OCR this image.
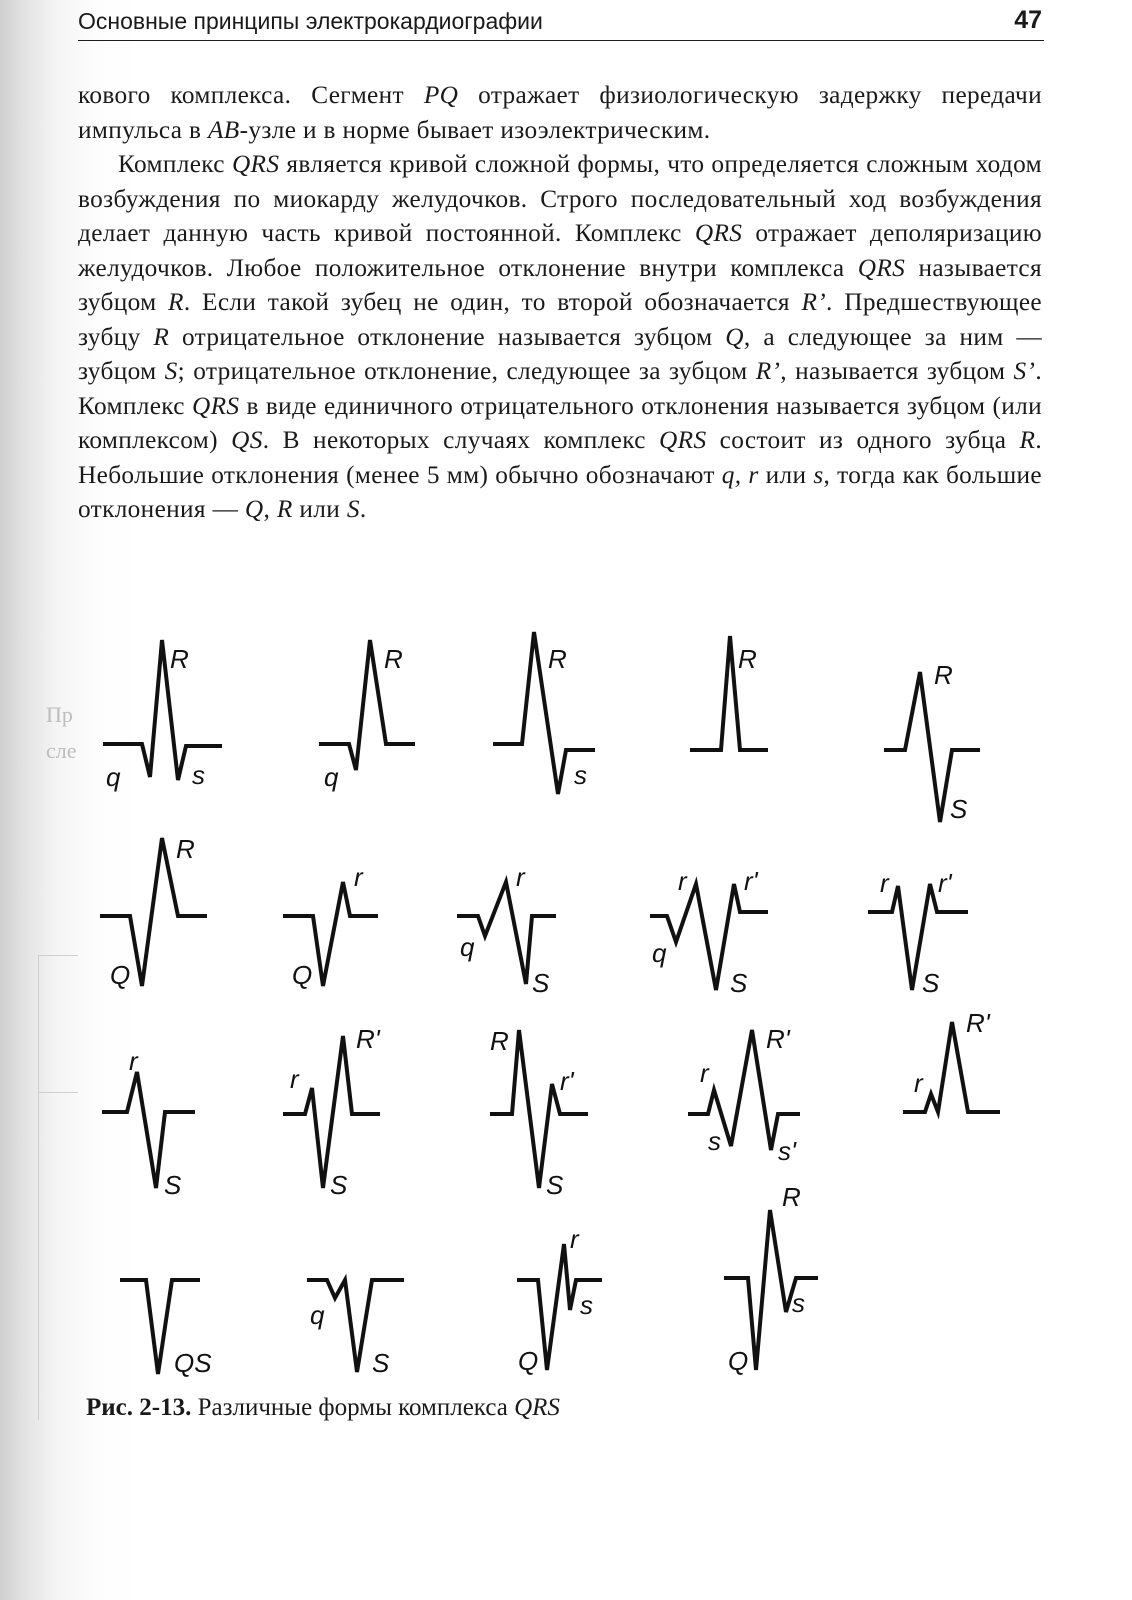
Пр
сле
Основные принципы электрокардиографии	47

кового комплекса. Сегмент PQ отражает физиологическую задержку передачи импульса в AB-узле и в норме бывает изоэлектрическим.

Комплекс QRS является кривой сложной формы, что определяется сложным ходом возбуждения по миокарду желудочков. Строго последовательный ход возбуждения делает данную часть кривой постоянной. Комплекс QRS отражает деполяризацию желудочков. Любое положительное отклонение внутри комплекса QRS называется зубцом R. Если такой зубец не один, то второй обозначается R’. Предшествующее зубцу R отрицательное отклонение называется зубцом Q, а следующее за ним — зубцом S; отрицательное отклонение, следующее за зубцом R’, называется зубцом S’. Комплекс QRS в виде единичного отрицательного отклонения называется зубцом (или комплексом) QS. В некоторых случаях комплекс QRS состоит из одного зубца R. Небольшие отклонения (менее 5 мм) обычно обозначают q, r или s, тогда как большие отклонения — Q, R или S.

R
q	s
R
q
R
s
R
R
S
R
Q
r
Q
r
q
S
r r'
q
S
r r'
S
r
S
r
R'
S
R
r'
S
r
s
R'
s'
r
R'
QS
q
S
r
Q
s
R
Q
s
Рис. 2-13. Различные формы комплекса QRS
